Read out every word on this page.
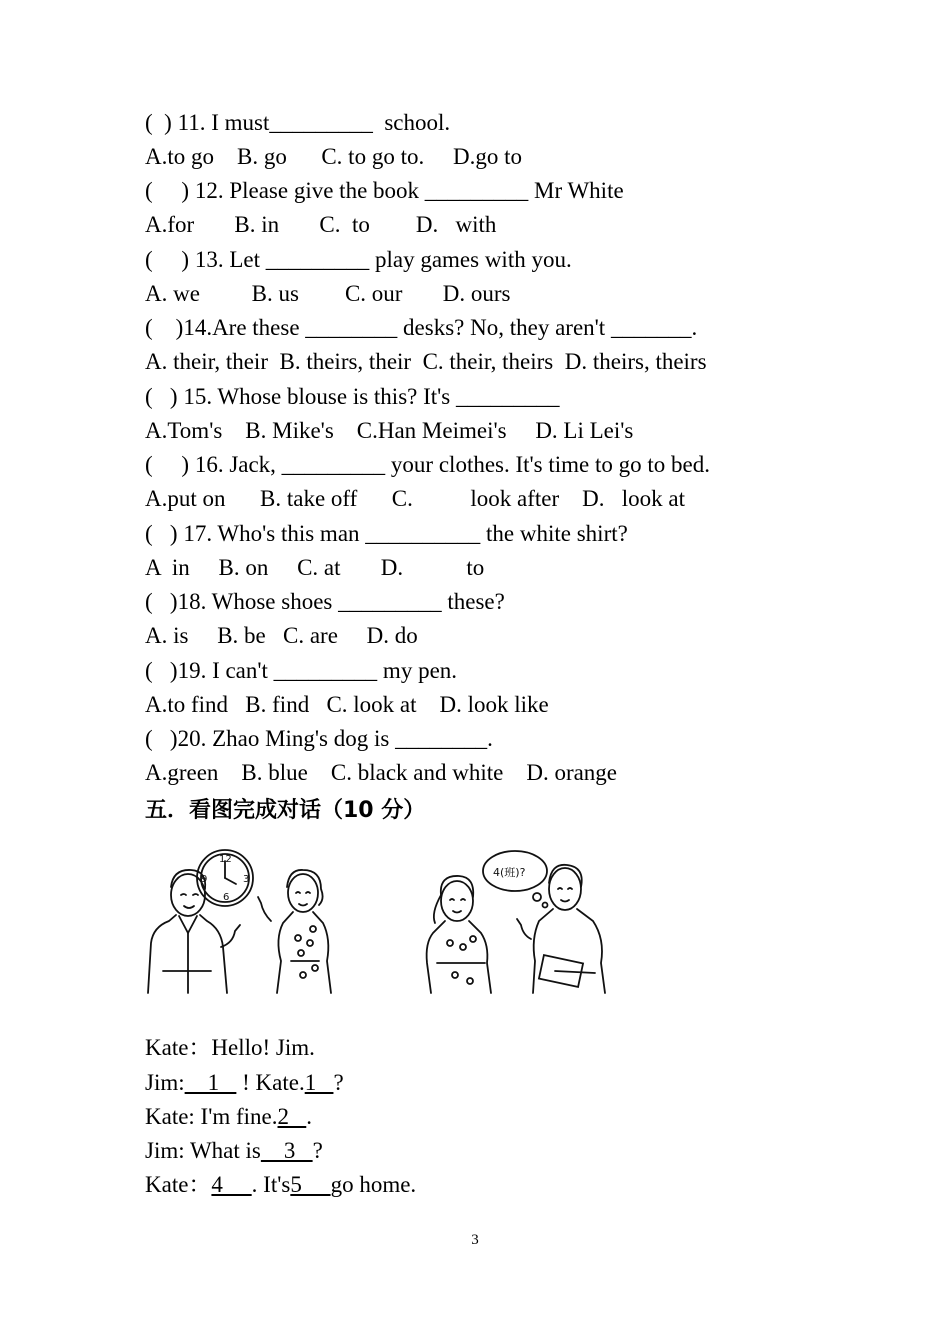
(  ) 11. I must_________  school.
A.to go    B. go      C. to go to.     D.go to
(     ) 12. Please give the book _________ Mr White
A.for       B. in       C.  to        D.   with
(     ) 13. Let _________ play games with you.
A. we         B. us        C. our       D. ours
(    )14.Are these ________ desks? No, they aren't _______.
A. their, their  B. theirs, their  C. their, theirs  D. theirs, theirs
(   ) 15. Whose blouse is this? It's _________
A.Tom's    B. Mike's    C.Han Meimei's     D. Li Lei's
(     ) 16. Jack, _________ your clothes. It's time to go to bed.
A.put on      B. take off      C.          look after    D.   look at
(   ) 17. Who's this man __________ the white shirt?
A  in     B. on     C. at       D.           to
(   )18. Whose shoes _________ these?
A. is     B. be   C. are     D. do
(   )19. I can't _________ my pen.
A.to find   B. find   C. look at    D. look like
(   )20. Zhao Ming's dog is ________.
A.green    B. blue    C. black and white    D. orange
五．看图完成对话（10 分）
12
9	3
6
4(班)?
Kate：Hello! Jim.
Jim:    1    ! Kate.1   ?
Kate: I'm fine.2   .
Jim: What is    3   ?
Kate：4     . It's5     go home.
3
